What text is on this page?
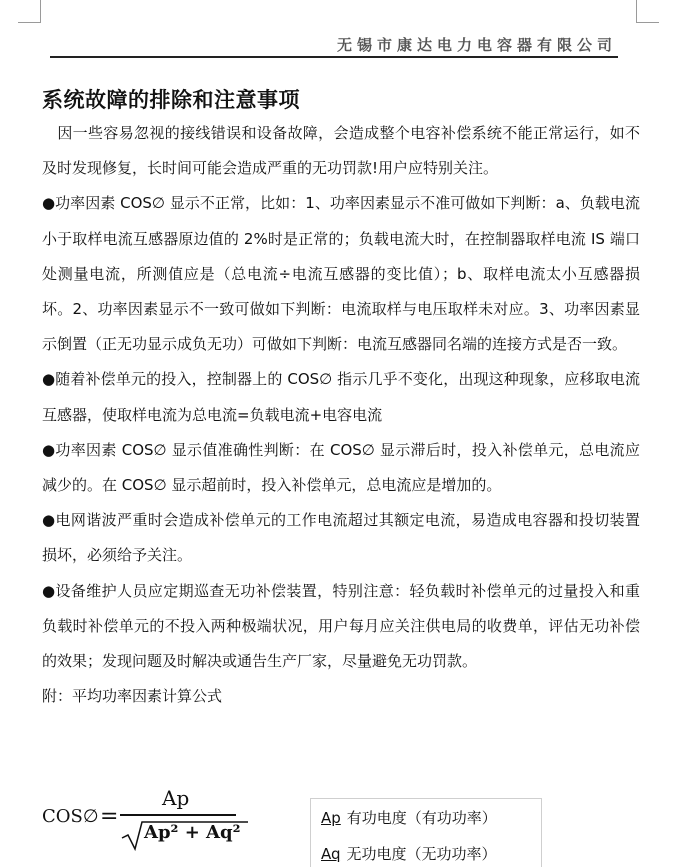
无锡市康达电力电容器有限公司
系统故障的排除和注意事项

　因一些容易忽视的接线错误和设备故障，会造成整个电容补偿系统不能正常运行，如不及时发现修复，长时间可能会造成严重的无功罚款!用户应特别关注。

●功率因素 COS∅ 显示不正常，比如：1、功率因素显示不准可做如下判断：a、负载电流小于取样电流互感器原边值的 2%时是正常的；负载电流大时，在控制器取样电流 IS 端口处测量电流，所测值应是（总电流÷电流互感器的变比值）；b、取样电流太小互感器损坏。2、功率因素显示不一致可做如下判断：电流取样与电压取样未对应。3、功率因素显示倒置（正无功显示成负无功）可做如下判断：电流互感器同名端的连接方式是否一致。

●随着补偿单元的投入，控制器上的 COS∅ 指示几乎不变化，出现这种现象，应移取电流互感器，使取样电流为总电流=负载电流+电容电流

●功率因素 COS∅ 显示值准确性判断：在 COS∅ 显示滞后时，投入补偿单元，总电流应减少的。在 COS∅ 显示超前时，投入补偿单元，总电流应是增加的。

●电网谐波严重时会造成补偿单元的工作电流超过其额定电流，易造成电容器和投切装置损坏，必须给予关注。

●设备维护人员应定期巡查无功补偿装置，特别注意：轻负载时补偿单元的过量投入和重负载时补偿单元的不投入两种极端状况，用户每月应关注供电局的收费单，评估无功补偿的效果；发现问题及时解决或通告生产厂家，尽量避免无功罚款。

附：平均功率因素计算公式

COS∅ =
Ap
Ap² + Aq²
Ap 有功电度（有功功率）
Aq 无功电度（无功功率）
